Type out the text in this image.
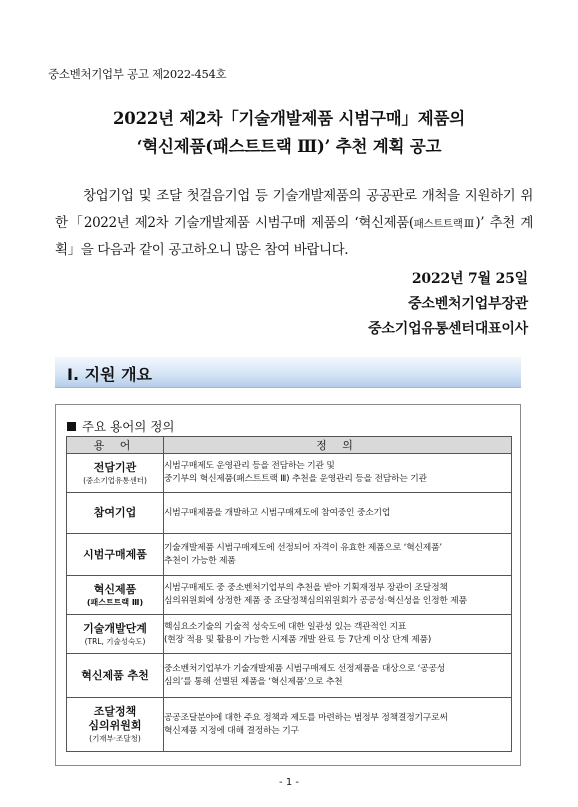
중소벤처기업부 공고 제2022-454호
2022년 제2차「기술개발제품 시범구매」제품의
‘혁신제품(패스트트랙 Ⅲ)’ 추천 계획 공고
창업기업 및 조달 첫걸음기업 등 기술개발제품의 공공판로 개척을 지원하기 위한「2022년 제2차 기술개발제품 시범구매 제품의 ‘혁신제품(패스트트랙Ⅲ)’ 추천 계획」을 다음과 같이 공고하오니 많은 참여 바랍니다.
2022년 7월 25일
중소벤처기업부장관
중소기업유통센터대표이사
Ⅰ. 지원 개요
주요 용어의 정의
용 어	정 의
전담기관
(중소기업유통센터)	시범구매제도 운영관리 등을 전담하는 기관 및
중기부의 혁신제품(패스트트랙 Ⅲ) 추천을 운영관리 등을 전담하는 기관
참여기업	시범구매제품을 개발하고 시범구매제도에 참여중인 중소기업
시범구매제품	기술개발제품 시범구매제도에 선정되어 자격이 유효한 제품으로 ‘혁신제품’
추천이 가능한 제품
혁신제품
(패스트트랙 Ⅲ)	시범구매제도 중 중소벤처기업부의 추천을 받아 기획재정부 장관이 조달정책
심의위원회에 상정한 제품 중 조달정책심의위원회가 공공성·혁신성을 인정한 제품
기술개발단계
(TRL, 기술성숙도)	핵심요소기술의 기술적 성숙도에 대한 일관성 있는 객관적인 지표
(현장 적용 및 활용이 가능한 시제품 개발 완료 등 7단계 이상 단계 제품)
혁신제품 추천	중소벤처기업부가 기술개발제품 시범구매제도 선정제품을 대상으로 ‘공공성
심의’를 통해 선별된 제품을 ‘혁신제품’으로 추천
조달정책
심의위원회
(기재부·조달청)	공공조달분야에 대한 주요 정책과 제도를 마련하는 범정부 정책결정기구로써
혁신제품 지정에 대해 결정하는 기구
- 1 -
